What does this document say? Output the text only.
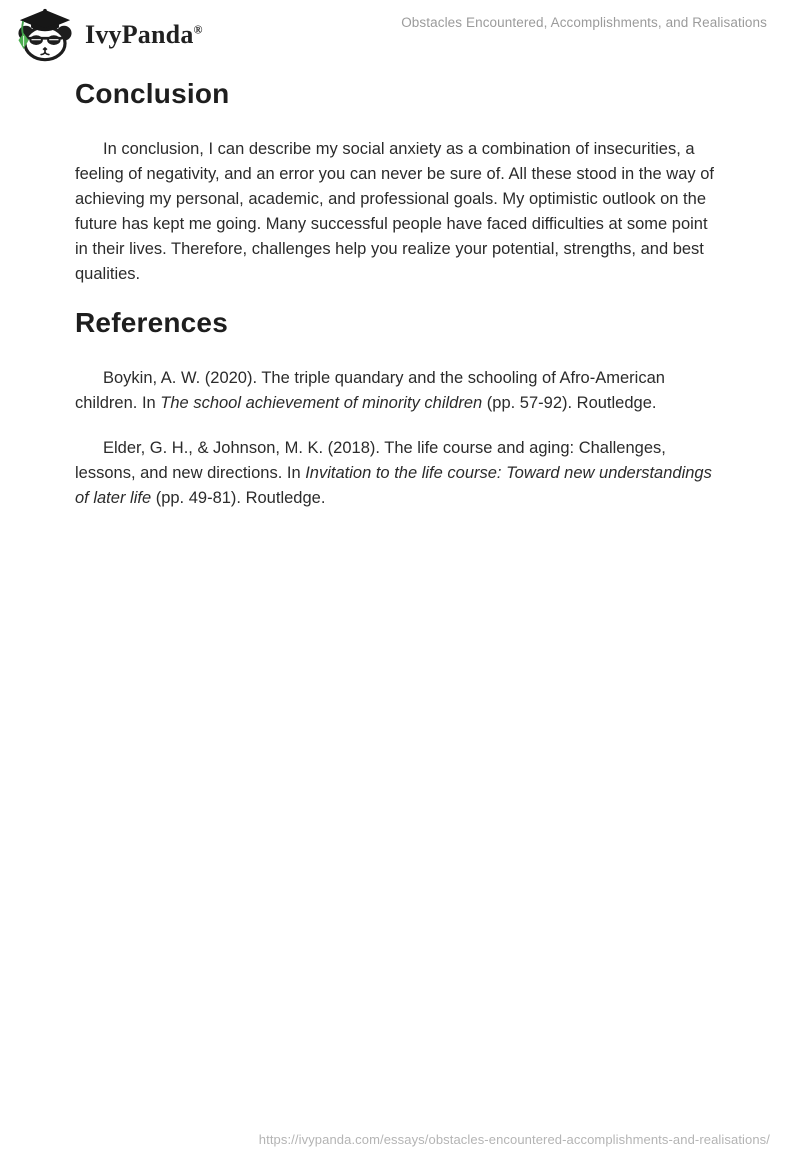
IvyPanda®	Obstacles Encountered, Accomplishments, and Realisations
Conclusion

In conclusion, I can describe my social anxiety as a combination of insecurities, a feeling of negativity, and an error you can never be sure of. All these stood in the way of achieving my personal, academic, and professional goals. My optimistic outlook on the future has kept me going. Many successful people have faced difficulties at some point in their lives. Therefore, challenges help you realize your potential, strengths, and best qualities.

References

Boykin, A. W. (2020). The triple quandary and the schooling of Afro-American children. In The school achievement of minority children (pp. 57-92). Routledge.

Elder, G. H., & Johnson, M. K. (2018). The life course and aging: Challenges, lessons, and new directions. In Invitation to the life course: Toward new understandings of later life (pp. 49-81). Routledge.

https://ivypanda.com/essays/obstacles-encountered-accomplishments-and-realisations/
